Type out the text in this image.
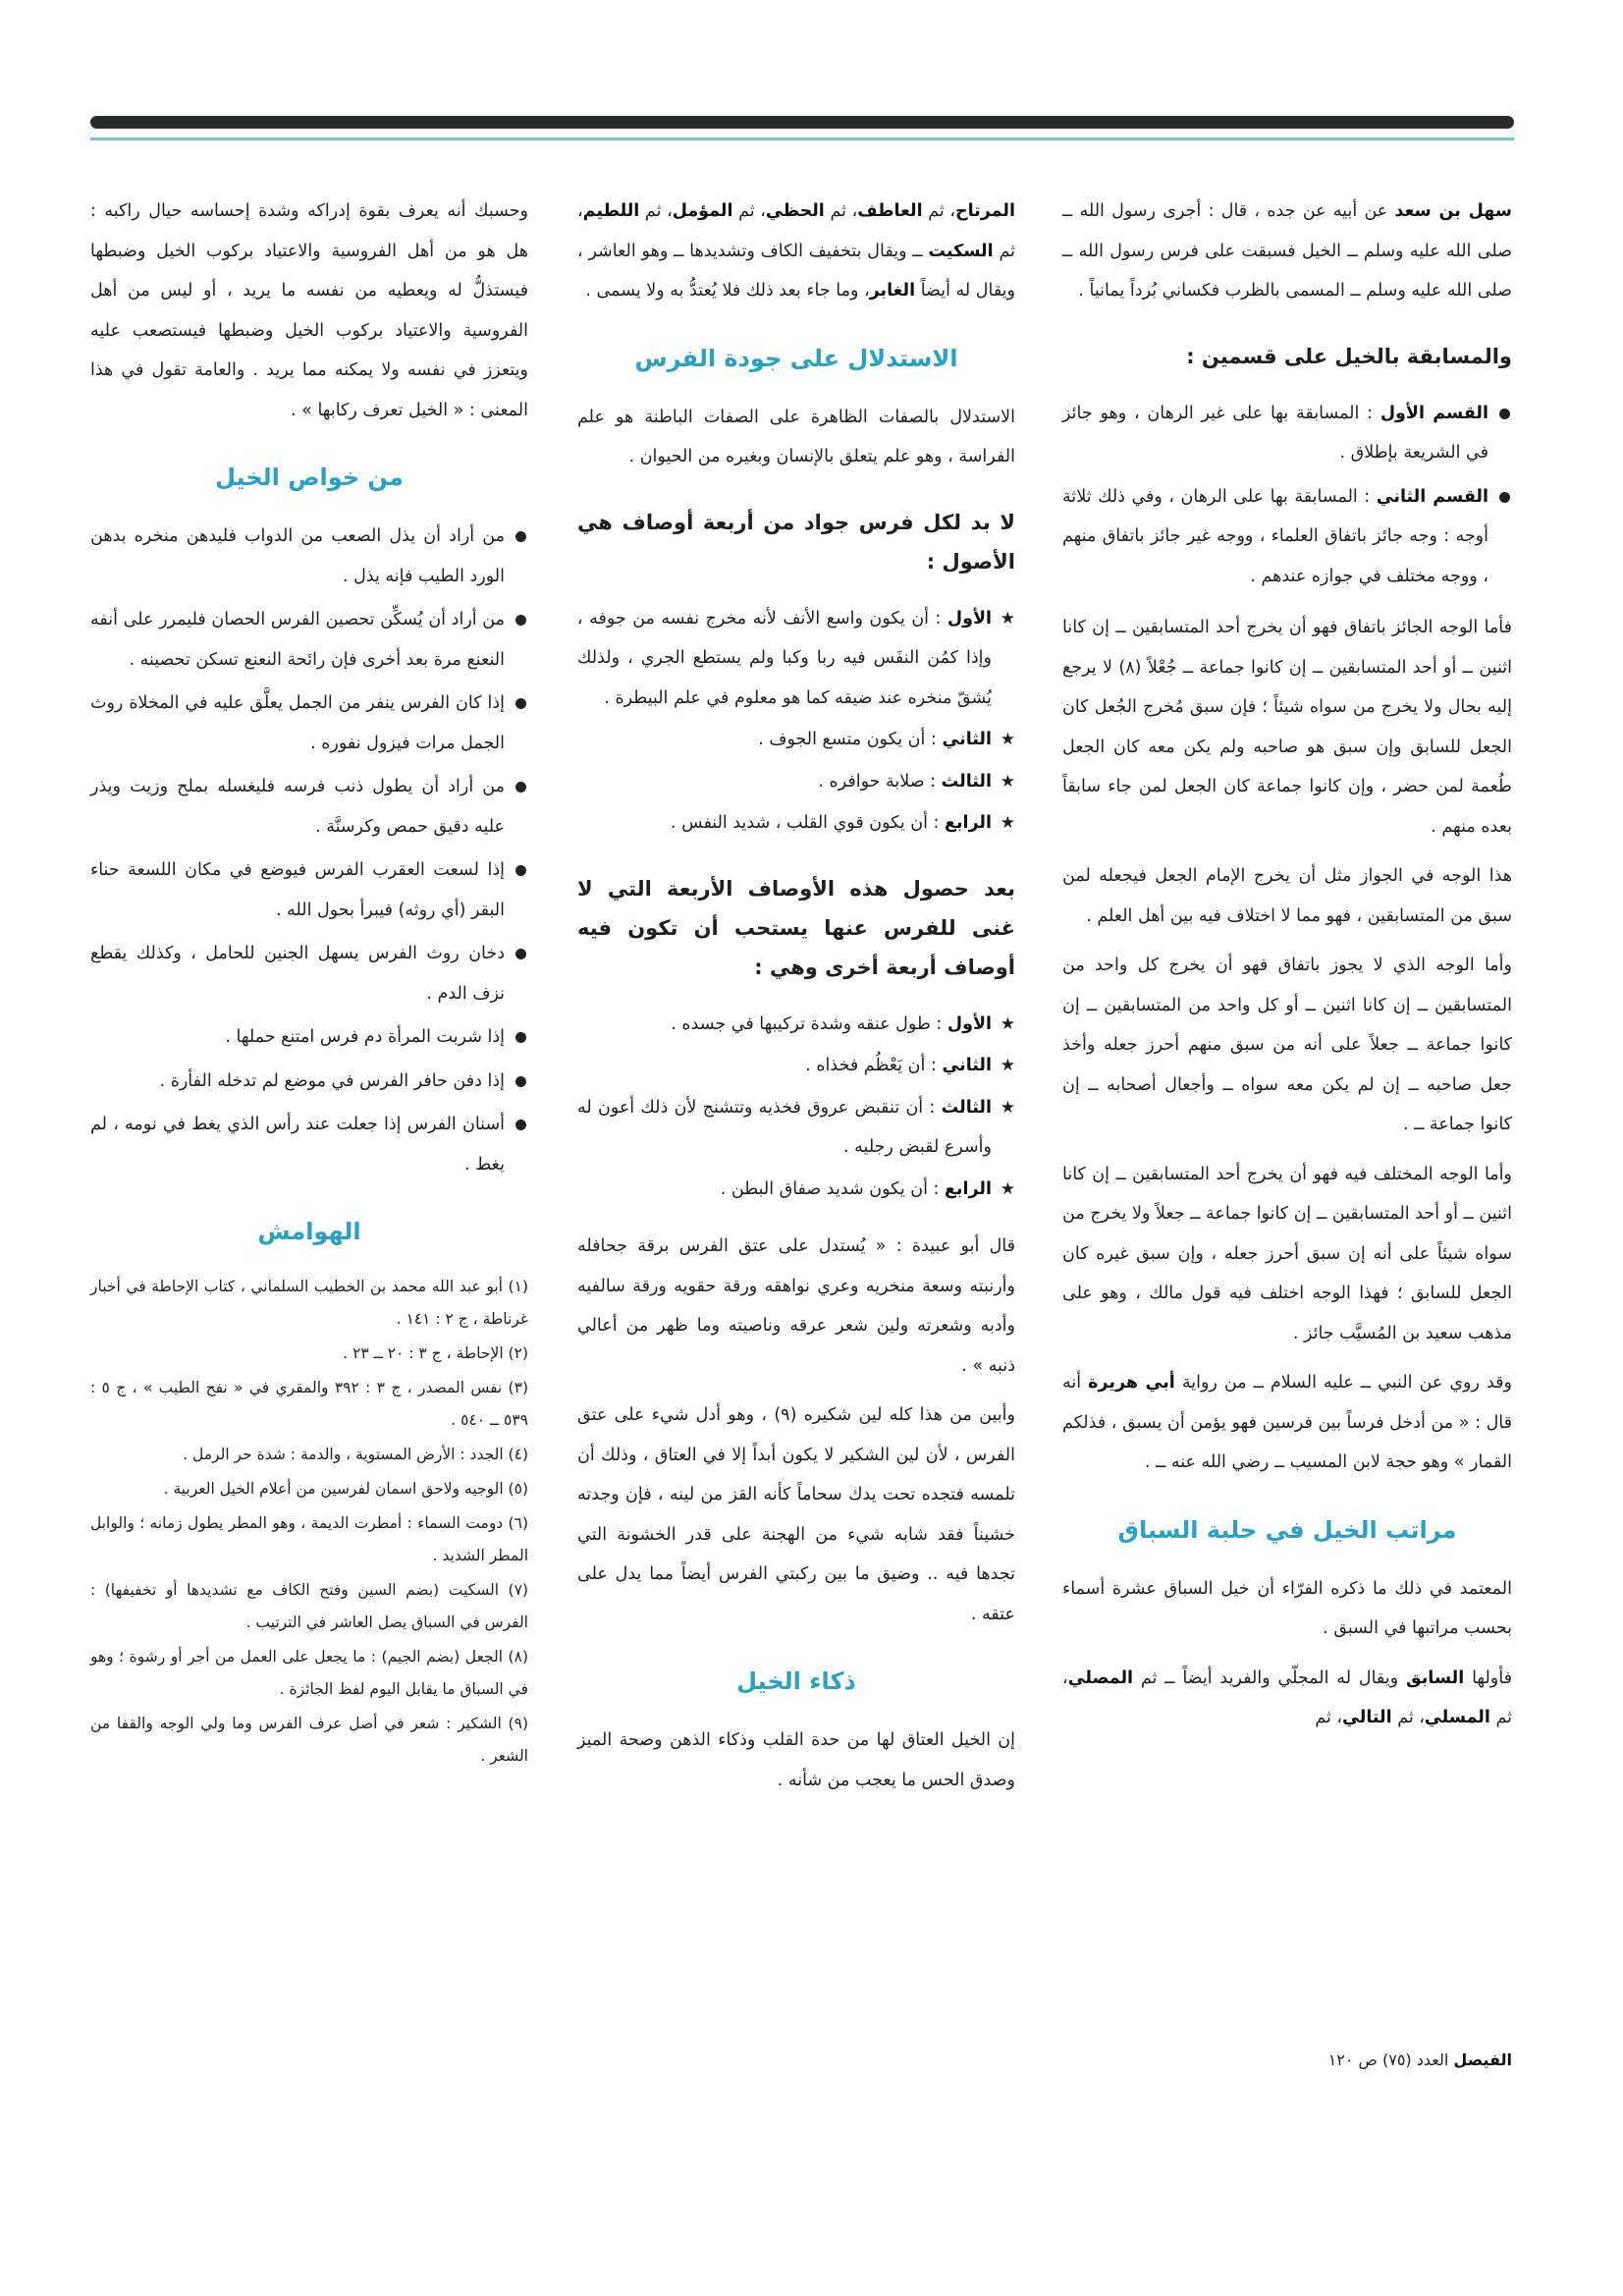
سهل بن سعد عن أبيه عن جده ، قال : أجرى رسول الله ــ صلى الله عليه وسلم ــ الخيل فسبقت على فرس رسول الله ــ صلى الله عليه وسلم ــ المسمى بالظرب فكساني بُرداً يمانياً .

والمسابقة بالخيل على قسمين :

القسم الأول : المسابقة بها على غير الرهان ، وهو جائز في الشريعة بإطلاق .

القسم الثاني : المسابقة بها على الرهان ، وفي ذلك ثلاثة أوجه : وجه جائز باتفاق العلماء ، ووجه غير جائز باتفاق منهم ، ووجه مختلف في جوازه عندهم .

فأما الوجه الجائز باتفاق فهو أن يخرج أحد المتسابقين ــ إن كانا اثنين ــ أو أحد المتسابقين ــ إن كانوا جماعة ــ جُعْلاً (٨) لا يرجع إليه بحال ولا يخرج من سواه شيئاً ؛ فإن سبق مُخرج الجُعل كان الجعل للسابق وإن سبق هو صاحبه ولم يكن معه كان الجعل طُعمة لمن حضر ، وإن كانوا جماعة كان الجعل لمن جاء سابقاً بعده منهم .

هذا الوجه في الجواز مثل أن يخرج الإمام الجعل فيجعله لمن سبق من المتسابقين ، فهو مما لا اختلاف فيه بين أهل العلم .

وأما الوجه الذي لا يجوز باتفاق فهو أن يخرج كل واحد من المتسابقين ــ إن كانا اثنين ــ أو كل واحد من المتسابقين ــ إن كانوا جماعة ــ جعلاً على أنه من سبق منهم أحرز جعله وأخذ جعل صاحبه ــ إن لم يكن معه سواه ــ وأجعال أصحابه ــ إن كانوا جماعة ــ .

وأما الوجه المختلف فيه فهو أن يخرج أحد المتسابقين ــ إن كانا اثنين ــ أو أحد المتسابقين ــ إن كانوا جماعة ــ جعلاً ولا يخرج من سواه شيئاً على أنه إن سبق أحرز جعله ، وإن سبق غيره كان الجعل للسابق ؛ فهذا الوجه اختلف فيه قول مالك ، وهو على مذهب سعيد بن المُسيَّب جائز .

وقد روي عن النبي ــ عليه السلام ــ من رواية أبي هريرة أنه قال : « من أدخل فرساً بين فرسين فهو يؤمن أن يسبق ، فذلكم القمار » وهو حجة لابن المسيب ــ رضي الله عنه ــ .

مراتب الخيل في حلبة السباق

المعتمد في ذلك ما ذكره الفرّاء أن خيل السباق عشرة أسماء بحسب مراتبها في السبق .

فأولها السابق ويقال له المجلّي والفريد أيضاً ــ ثم المصلي، ثم المسلي، ثم التالي، ثم

المرتاح، ثم العاطف، ثم الحظي، ثم المؤمل، ثم اللطيم، ثم السكيت ــ ويقال بتخفيف الكاف وتشديدها ــ وهو العاشر ، ويقال له أيضاً الغابر، وما جاء بعد ذلك فلا يُعتدُّ به ولا يسمى .

الاستدلال على جودة الفرس

الاستدلال بالصفات الظاهرة على الصفات الباطنة هو علم الفراسة ، وهو علم يتعلق بالإنسان وبغيره من الحيوان .

لا بد لكل فرس جواد من أربعة أوصاف هي الأصول :

★ الأول : أن يكون واسع الأنف لأنه مخرج نفسه من جوفه ، وإذا كمُن النفَس فيه ربا وكبا ولم يستطع الجري ، ولذلك يُشقّ منخره عند ضيقه كما هو معلوم في علم البيطرة .

★ الثاني : أن يكون متسع الجوف .

★ الثالث : صلابة حوافره .

★ الرابع : أن يكون قوي القلب ، شديد النفس .

بعد حصول هذه الأوصاف الأربعة التي لا غنى للفرس عنها يستحب أن تكون فيه أوصاف أربعة أخرى وهي :

★ الأول : طول عنقه وشدة تركيبها في جسده .

★ الثاني : أن يَعْظُم فخذاه .

★ الثالث : أن تنقبض عروق فخذيه وتتشنج لأن ذلك أعون له وأسرع لقبض رجليه .

★ الرابع : أن يكون شديد صفاق البطن .

قال أبو عبيدة : « يُستدل على عتق الفرس برقة جحافله وأرنبته وسعة منخريه وعري نواهقه ورقة حقويه ورقة سالفيه وأدبه وشعرته ولين شعر عرقه وناصيته وما ظهر من أعالي ذنبه » .

وأبين من هذا كله لين شكيره (٩) ، وهو أدل شيء على عتق الفرس ، لأن لين الشكير لا يكون أبداً إلا في العتاق ، وذلك أن تلمسه فتجده تحت يدك سحاماً كأنه القز من لينه ، فإن وجدته خشيناً فقد شابه شيء من الهجنة على قدر الخشونة التي تجدها فيه .. وضيق ما بين ركبتي الفرس أيضاً مما يدل على عتقه .

ذكاء الخيل

إن الخيل العتاق لها من حدة القلب وذكاء الذهن وصحة الميز وصدق الحس ما يعجب من شأنه .

وحسبك أنه يعرف بقوة إدراكه وشدة إحساسه حيال راكبه : هل هو من أهل الفروسية والاعتياد بركوب الخيل وضبطها فيستذلُّ له ويعطيه من نفسه ما يريد ، أو ليس من أهل الفروسية والاعتياد بركوب الخيل وضبطها فيستصعب عليه ويتعزز في نفسه ولا يمكنه مما يريد . والعامة تقول في هذا المعنى : « الخيل تعرف ركابها » .

من خواص الخيل

من أراد أن يذل الصعب من الدواب فليدهن منخره بدهن الورد الطيب فإنه يذل .

من أراد أن يُسكِّن تحصين الفرس الحصان فليمرر على أنفه النعنع مرة بعد أخرى فإن رائحة النعنع تسكن تحصينه .

إذا كان الفرس ينفر من الجمل يعلَّق عليه في المخلاة روث الجمل مرات فيزول نفوره .

من أراد أن يطول ذنب فرسه فليغسله بملح وزيت ويذر عليه دقيق حمص وكرسنَّة .

إذا لسعت العقرب الفرس فيوضع في مكان اللسعة حناء البقر (أي روثه) فيبرأ بحول الله .

دخان روث الفرس يسهل الجنين للحامل ، وكذلك يقطع نزف الدم .

إذا شربت المرأة دم فرس امتنع حملها .

إذا دفن حافر الفرس في موضع لم تدخله الفأرة .

أسنان الفرس إذا جعلت عند رأس الذي يغط في نومه ، لم يغط .

الهوامش

(١) أبو عبد الله محمد بن الخطيب السلماني ، كتاب الإحاطة في أخبار غرناطة ، ج ٢ : ١٤١ .

(٢) الإحاطة ، ج ٣ : ٢٠ ــ ٢٣ .

(٣) نفس المصدر ، ج ٣ : ٣٩٢ والمقري في « نفح الطيب » ، ج ٥ : ٥٣٩ ــ ٥٤٠ .

(٤) الجدد : الأرض المستوية ، والدمة : شدة حر الرمل .

(٥) الوجيه ولاحق اسمان لفرسين من أعلام الخيل العربية .

(٦) دومت السماء : أمطرت الديمة ، وهو المطر يطول زمانه ؛ والوابل المطر الشديد .

(٧) السكيت (بضم السين وفتح الكاف مع تشديدها أو تخفيفها) : الفرس في السباق يصل العاشر في الترتيب .

(٨) الجعل (بضم الجيم) : ما يجعل على العمل من أجر أو رشوة ؛ وهو في السباق ما يقابل اليوم لفظ الجائزة .

(٩) الشكير : شعر في أصل عرف الفرس وما ولي الوجه والقفا من الشعر .

الفيصل العدد (٧٥) ص ١٢٠
